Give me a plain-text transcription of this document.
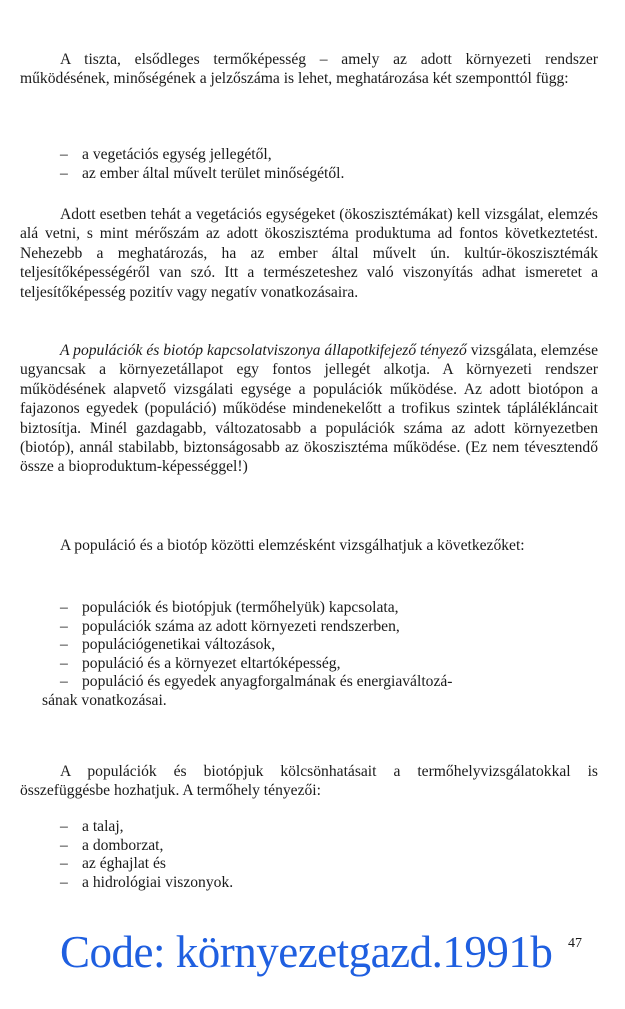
A tiszta, elsődleges termőképesség – amely az adott környezeti rendszer működésének, minőségének a jelzőszáma is lehet, meghatározása két szemponttól függ:

– a vegetációs egység jellegétől,
– az ember által művelt terület minőségétől.

Adott esetben tehát a vegetációs egységeket (ökoszisztémákat) kell vizsgálat, elemzés alá vetni, s mint mérőszám az adott ökoszisztéma produktuma ad fontos következtetést. Nehezebb a meghatározás, ha az ember által művelt ún. kultúr-ökoszisztémák teljesítőképességéről van szó. Itt a természeteshez való viszonyítás adhat ismeretet a teljesítőképesség pozitív vagy negatív vonatkozásaira.

A populációk és biotóp kapcsolatviszonya állapotkifejező tényező vizsgálata, elemzése ugyancsak a környezetállapot egy fontos jellegét alkotja. A környezeti rendszer működésének alapvető vizsgálati egysége a populációk működése. Az adott biotópon a fajazonos egyedek (populáció) működése mindenekelőtt a trofikus szintek táplálékláncait biztosítja. Minél gazdagabb, változatosabb a populációk száma az adott környezetben (biotóp), annál stabilabb, biztonságosabb az ökoszisztéma működése. (Ez nem tévesztendő össze a bioproduktum-képességgel!)

A populáció és a biotóp közötti elemzésként vizsgálhatjuk a következőket:

– populációk és biotópjuk (termőhelyük) kapcsolata,
– populációk száma az adott környezeti rendszerben,
– populációgenetikai változások,
– populáció és a környezet eltartóképesség,
– populáció és egyedek anyagforgalmának és energiaváltozá-
sának vonatkozásai.

A populációk és biotópjuk kölcsönhatásait a termőhelyvizsgálatokkal is összefüggésbe hozhatjuk. A termőhely tényezői:

– a talaj,
– a domborzat,
– az éghajlat és
– a hidrológiai viszonyok.
Code: környezetgazd.1991b 47
